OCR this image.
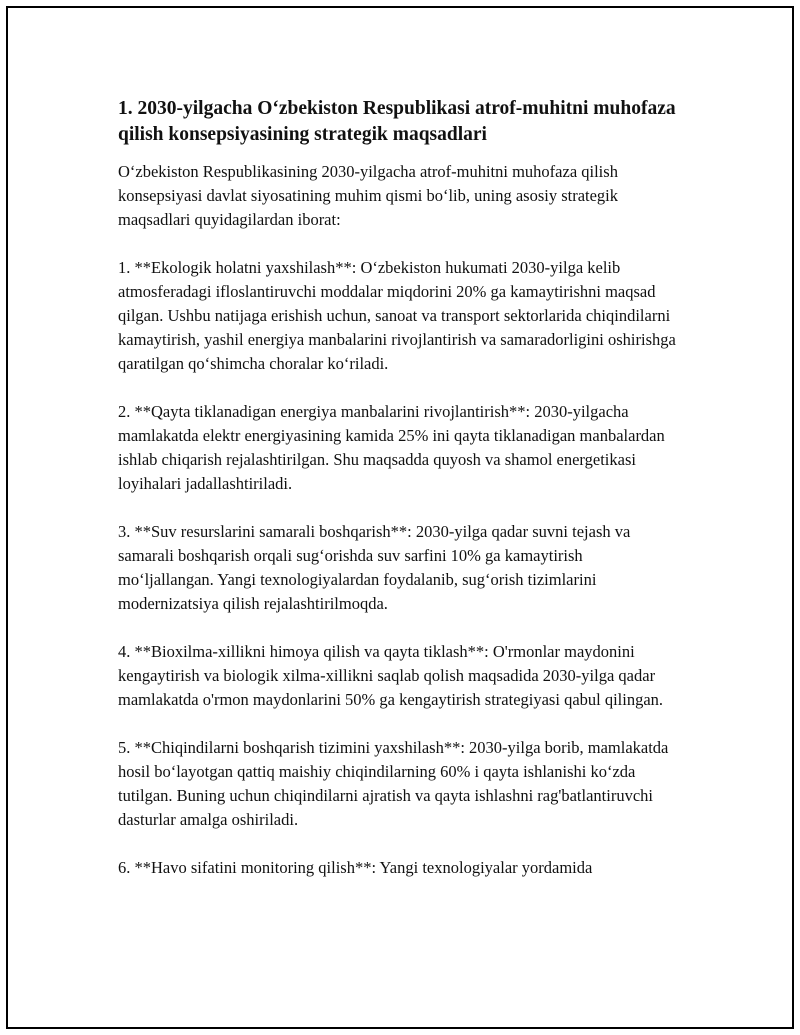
1. 2030-yilgacha O‘zbekiston Respublikasi atrof-muhitni muhofaza qilish konsepsiyasining strategik maqsadlari

O‘zbekiston Respublikasining 2030-yilgacha atrof-muhitni muhofaza qilish konsepsiyasi davlat siyosatining muhim qismi bo‘lib, uning asosiy strategik maqsadlari quyidagilardan iborat:

1. **Ekologik holatni yaxshilash**: O‘zbekiston hukumati 2030-yilga kelib atmosferadagi ifloslantiruvchi moddalar miqdorini 20% ga kamaytirishni maqsad qilgan. Ushbu natijaga erishish uchun, sanoat va transport sektorlarida chiqindilarni kamaytirish, yashil energiya manbalarini rivojlantirish va samaradorligini oshirishga qaratilgan qo‘shimcha choralar ko‘riladi.

2. **Qayta tiklanadigan energiya manbalarini rivojlantirish**: 2030-yilgacha mamlakatda elektr energiyasining kamida 25% ini qayta tiklanadigan manbalardan ishlab chiqarish rejalashtirilgan. Shu maqsadda quyosh va shamol energetikasi loyihalari jadallashtiriladi.

3. **Suv resurslarini samarali boshqarish**: 2030-yilga qadar suvni tejash va samarali boshqarish orqali sug‘orishda suv sarfini 10% ga kamaytirish mo‘ljallangan. Yangi texnologiyalardan foydalanib, sug‘orish tizimlarini modernizatsiya qilish rejalashtirilmoqda.

4. **Bioxilma-xillikni himoya qilish va qayta tiklash**: O'rmonlar maydonini kengaytirish va biologik xilma-xillikni saqlab qolish maqsadida 2030-yilga qadar mamlakatda o'rmon maydonlarini 50% ga kengaytirish strategiyasi qabul qilingan.

5. **Chiqindilarni boshqarish tizimini yaxshilash**: 2030-yilga borib, mamlakatda hosil bo‘layotgan qattiq maishiy chiqindilarning 60% i qayta ishlanishi ko‘zda tutilgan. Buning uchun chiqindilarni ajratish va qayta ishlashni rag'batlantiruvchi dasturlar amalga oshiriladi.

6. **Havo sifatini monitoring qilish**: Yangi texnologiyalar yordamida
